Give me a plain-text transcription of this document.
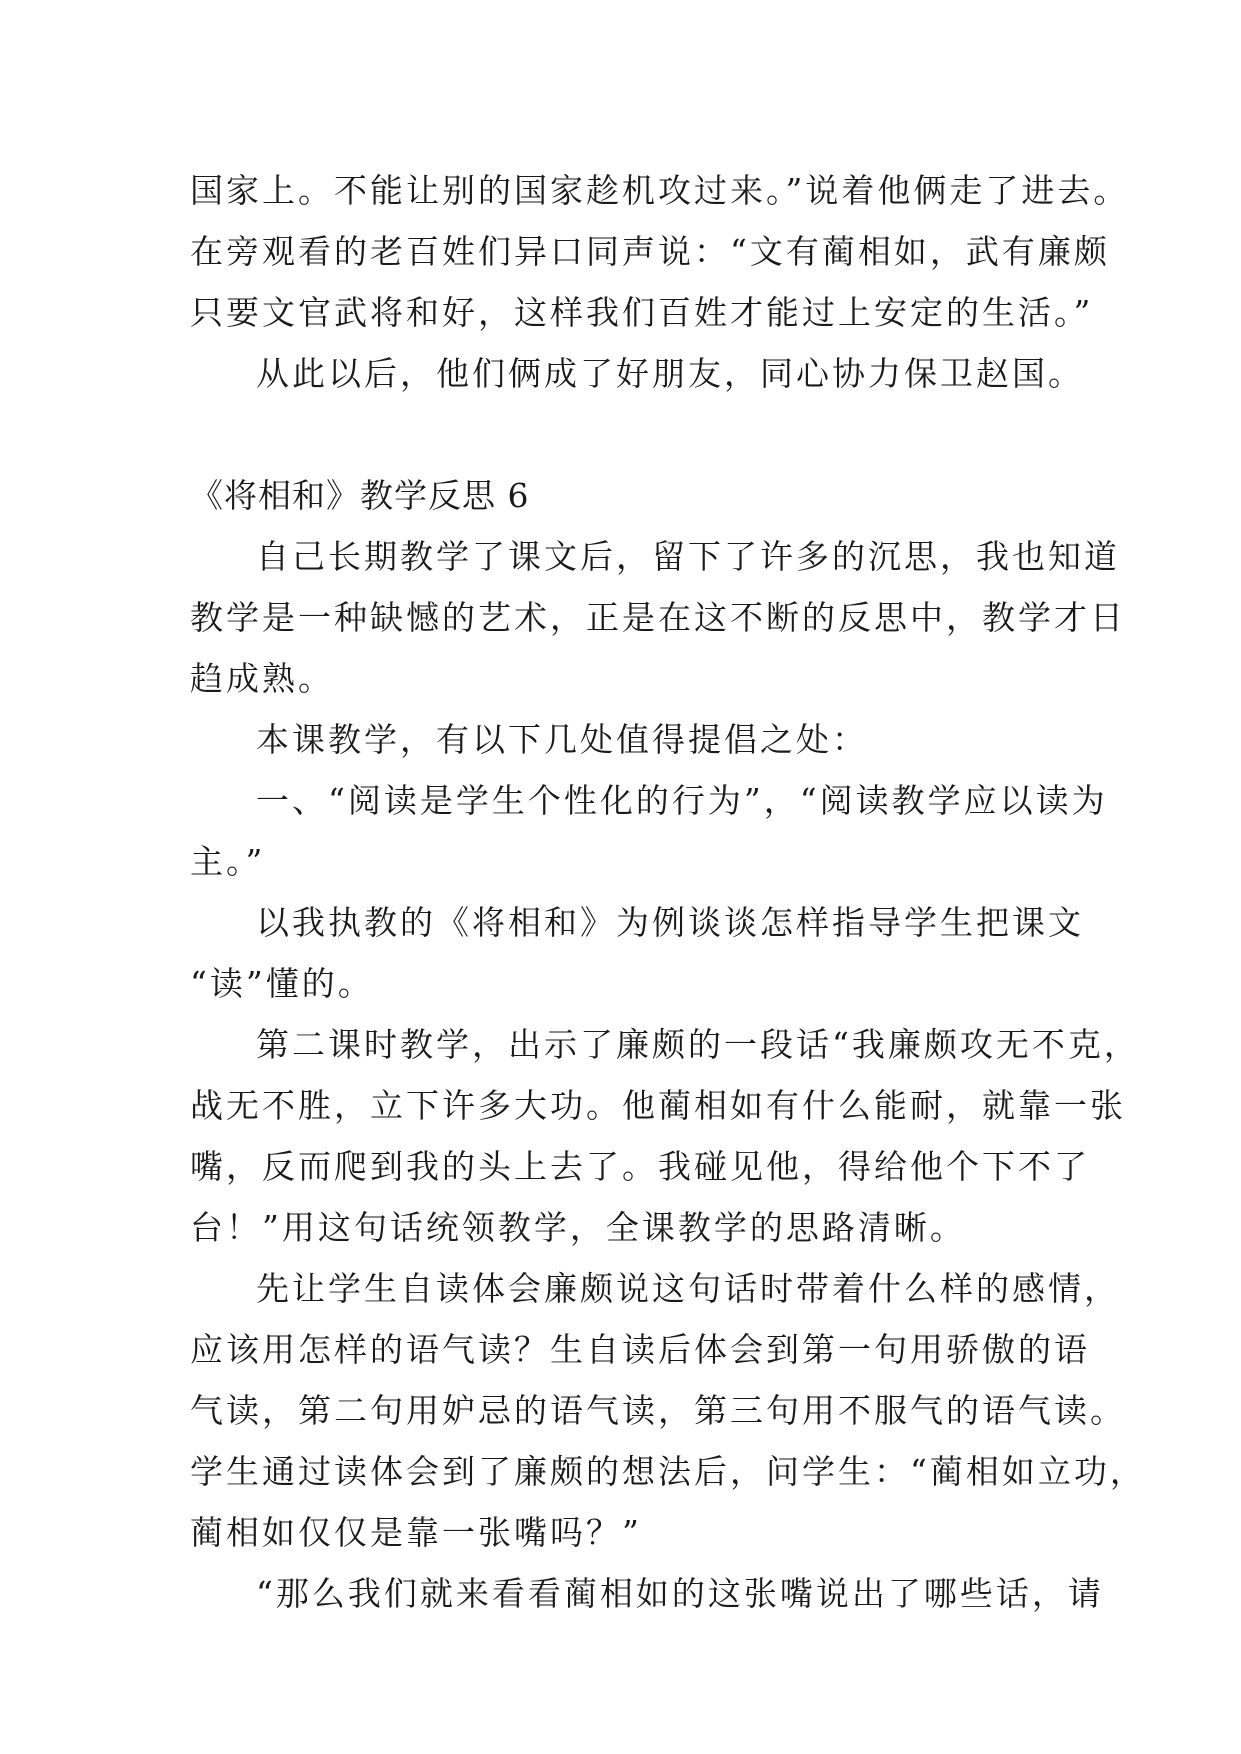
国家上。不能让别的国家趁机攻过来。”说着他俩走了进去。
在旁观看的老百姓们异口同声说：“文有蔺相如，武有廉颇
只要文官武将和好，这样我们百姓才能过上安定的生活。”
从此以后，他们俩成了好朋友，同心协力保卫赵国。
《将相和》教学反思 6
自己长期教学了课文后，留下了许多的沉思，我也知道
教学是一种缺憾的艺术，正是在这不断的反思中，教学才日
趋成熟。
本课教学，有以下几处值得提倡之处：
一、“阅读是学生个性化的行为”，“阅读教学应以读为
主。”
以我执教的《将相和》为例谈谈怎样指导学生把课文
“读”懂的。
第二课时教学，出示了廉颇的一段话“我廉颇攻无不克，
战无不胜，立下许多大功。他蔺相如有什么能耐，就靠一张
嘴，反而爬到我的头上去了。我碰见他，得给他个下不了
台！”用这句话统领教学，全课教学的思路清晰。
先让学生自读体会廉颇说这句话时带着什么样的感情，
应该用怎样的语气读？生自读后体会到第一句用骄傲的语
气读，第二句用妒忌的语气读，第三句用不服气的语气读。
学生通过读体会到了廉颇的想法后，问学生：“蔺相如立功，
蔺相如仅仅是靠一张嘴吗？”
“那么我们就来看看蔺相如的这张嘴说出了哪些话，请
